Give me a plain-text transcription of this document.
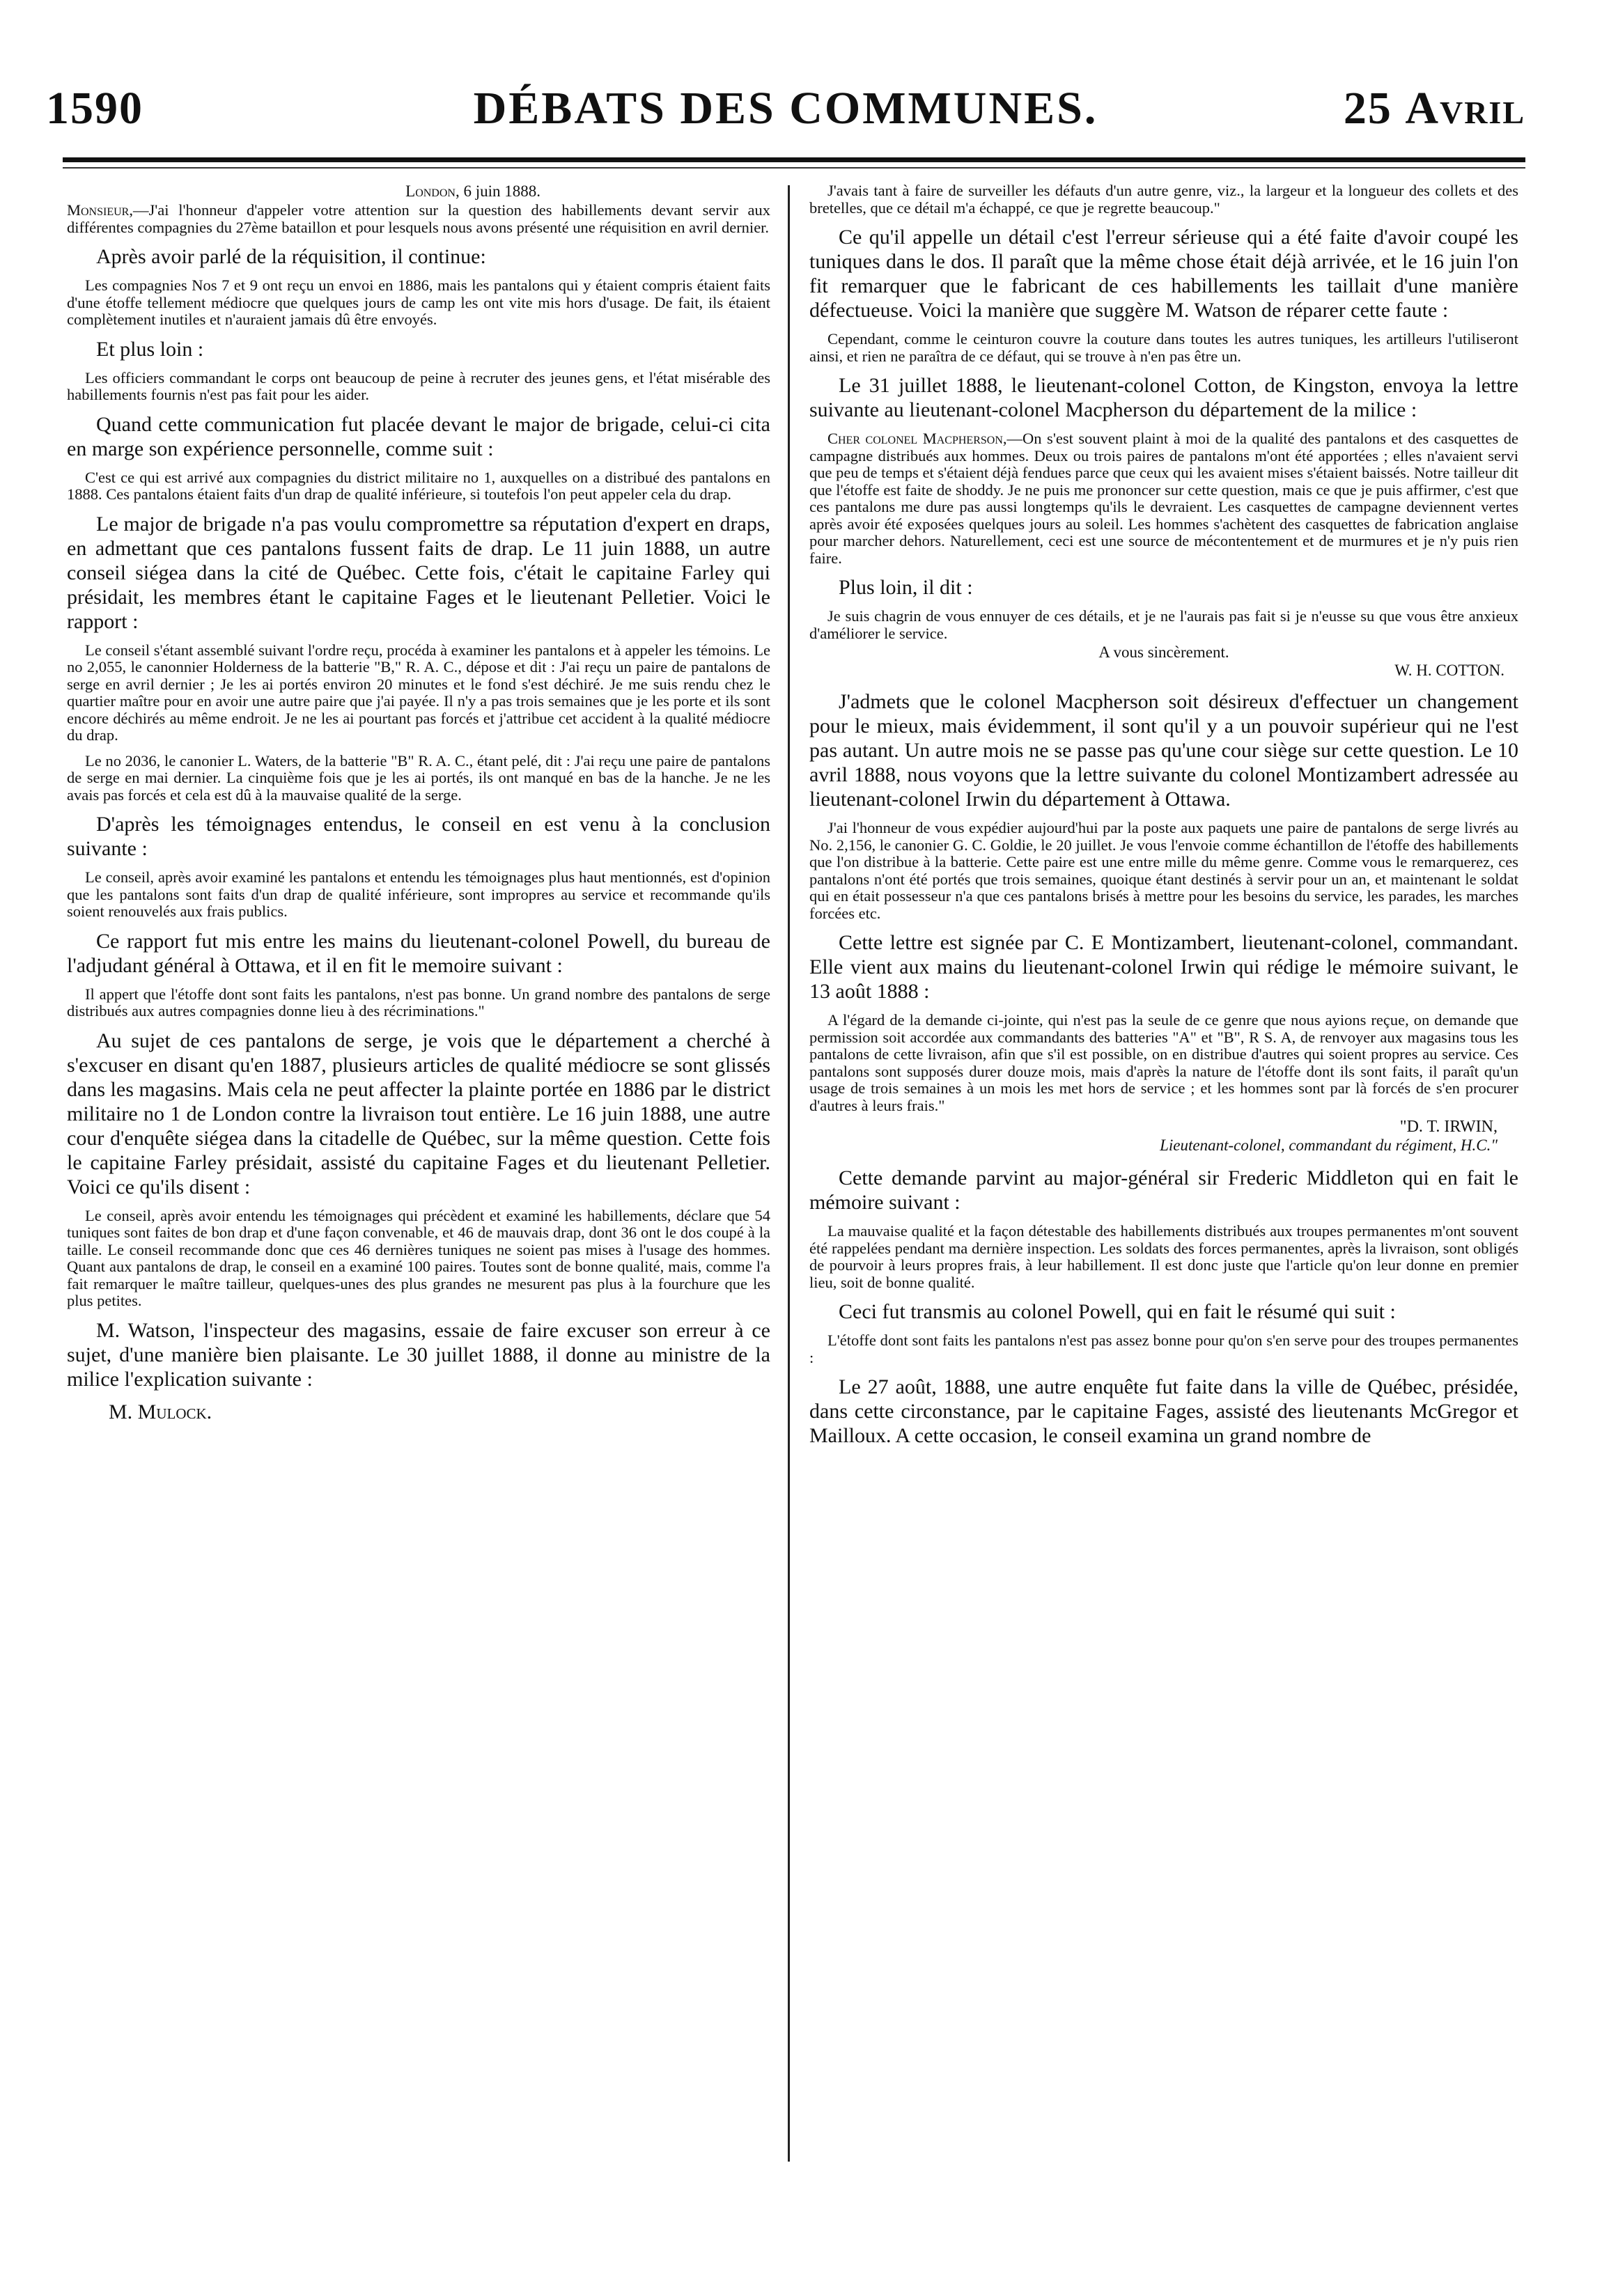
1590	DÉBATS DES COMMUNES.	25 Avril

London, 6 juin 1888.

Monsieur,—J'ai l'honneur d'appeler votre attention sur la question des habillements devant servir aux différentes compagnies du 27ème bataillon et pour lesquels nous avons présenté une réquisition en avril dernier.

Après avoir parlé de la réquisition, il continue:

Les compagnies Nos 7 et 9 ont reçu un envoi en 1886, mais les pantalons qui y étaient compris étaient faits d'une étoffe tellement médiocre que quelques jours de camp les ont vite mis hors d'usage. De fait, ils étaient complètement inutiles et n'auraient jamais dû être envoyés.

Et plus loin :

Les officiers commandant le corps ont beaucoup de peine à recruter des jeunes gens, et l'état misérable des habillements fournis n'est pas fait pour les aider.

Quand cette communication fut placée devant le major de brigade, celui-ci cita en marge son expérience personnelle, comme suit :

C'est ce qui est arrivé aux compagnies du district militaire no 1, auxquelles on a distribué des pantalons en 1888. Ces pantalons étaient faits d'un drap de qualité inférieure, si toutefois l'on peut appeler cela du drap.

Le major de brigade n'a pas voulu compromettre sa réputation d'expert en draps, en admettant que ces pantalons fussent faits de drap. Le 11 juin 1888, un autre conseil siégea dans la cité de Québec. Cette fois, c'était le capitaine Farley qui présidait, les membres étant le capitaine Fages et le lieutenant Pelletier. Voici le rapport :

Le conseil s'étant assemblé suivant l'ordre reçu, procéda à examiner les pantalons et à appeler les témoins. Le no 2,055, le canonnier Holderness de la batterie "B," R. A. C., dépose et dit : J'ai reçu un paire de pantalons de serge en avril dernier ; Je les ai portés environ 20 minutes et le fond s'est déchiré. Je me suis rendu chez le quartier maître pour en avoir une autre paire que j'ai payée. Il n'y a pas trois semaines que je les porte et ils sont encore déchirés au même endroit. Je ne les ai pourtant pas forcés et j'attribue cet accident à la qualité médiocre du drap.

Le no 2036, le canonier L. Waters, de la batterie "B" R. A. C., étant pelé, dit : J'ai reçu une paire de pantalons de serge en mai dernier. La cinquième fois que je les ai portés, ils ont manqué en bas de la hanche. Je ne les avais pas forcés et cela est dû à la mauvaise qualité de la serge.

D'après les témoignages entendus, le conseil en est venu à la conclusion suivante :

Le conseil, après avoir examiné les pantalons et entendu les témoignages plus haut mentionnés, est d'opinion que les pantalons sont faits d'un drap de qualité inférieure, sont impropres au service et recommande qu'ils soient renouvelés aux frais publics.

Ce rapport fut mis entre les mains du lieutenant-colonel Powell, du bureau de l'adjudant général à Ottawa, et il en fit le memoire suivant :

Il appert que l'étoffe dont sont faits les pantalons, n'est pas bonne. Un grand nombre des pantalons de serge distribués aux autres compagnies donne lieu à des récriminations."

Au sujet de ces pantalons de serge, je vois que le département a cherché à s'excuser en disant qu'en 1887, plusieurs articles de qualité médiocre se sont glissés dans les magasins. Mais cela ne peut affecter la plainte portée en 1886 par le district militaire no 1 de London contre la livraison tout entière. Le 16 juin 1888, une autre cour d'enquête siégea dans la citadelle de Québec, sur la même question. Cette fois le capitaine Farley présidait, assisté du capitaine Fages et du lieutenant Pelletier. Voici ce qu'ils disent :

Le conseil, après avoir entendu les témoignages qui précèdent et examiné les habillements, déclare que 54 tuniques sont faites de bon drap et d'une façon convenable, et 46 de mauvais drap, dont 36 ont le dos coupé à la taille. Le conseil recommande donc que ces 46 dernières tuniques ne soient pas mises à l'usage des hommes. Quant aux pantalons de drap, le conseil en a examiné 100 paires. Toutes sont de bonne qualité, mais, comme l'a fait remarquer le maître tailleur, quelques-unes des plus grandes ne mesurent pas plus à la fourchure que les plus petites.

M. Watson, l'inspecteur des magasins, essaie de faire excuser son erreur à ce sujet, d'une manière bien plaisante. Le 30 juillet 1888, il donne au ministre de la milice l'explication suivante :

M. Mulock.

J'avais tant à faire de surveiller les défauts d'un autre genre, viz., la largeur et la longueur des collets et des bretelles, que ce détail m'a échappé, ce que je regrette beaucoup."

Ce qu'il appelle un détail c'est l'erreur sérieuse qui a été faite d'avoir coupé les tuniques dans le dos. Il paraît que la même chose était déjà arrivée, et le 16 juin l'on fit remarquer que le fabricant de ces habillements les taillait d'une manière défectueuse. Voici la manière que suggère M. Watson de réparer cette faute :

Cependant, comme le ceinturon couvre la couture dans toutes les autres tuniques, les artilleurs l'utiliseront ainsi, et rien ne paraîtra de ce défaut, qui se trouve à n'en pas être un.

Le 31 juillet 1888, le lieutenant-colonel Cotton, de Kingston, envoya la lettre suivante au lieutenant-colonel Macpherson du département de la milice :

Cher colonel Macpherson,—On s'est souvent plaint à moi de la qualité des pantalons et des casquettes de campagne distribués aux hommes. Deux ou trois paires de pantalons m'ont été apportées ; elles n'avaient servi que peu de temps et s'étaient déjà fendues parce que ceux qui les avaient mises s'étaient baissés. Notre tailleur dit que l'étoffe est faite de shoddy. Je ne puis me prononcer sur cette question, mais ce que je puis affirmer, c'est que ces pantalons me dure pas aussi longtemps qu'ils le devraient. Les casquettes de campagne deviennent vertes après avoir été exposées quelques jours au soleil. Les hommes s'achètent des casquettes de fabrication anglaise pour marcher dehors. Naturellement, ceci est une source de mécontentement et de murmures et je n'y puis rien faire.

Plus loin, il dit :

Je suis chagrin de vous ennuyer de ces détails, et je ne l'aurais pas fait si je n'eusse su que vous être anxieux d'améliorer le service.

A vous sincèrement.

W. H. COTTON.

J'admets que le colonel Macpherson soit désireux d'effectuer un changement pour le mieux, mais évidemment, il sont qu'il y a un pouvoir supérieur qui ne l'est pas autant. Un autre mois ne se passe pas qu'une cour siège sur cette question. Le 10 avril 1888, nous voyons que la lettre suivante du colonel Montizambert adressée au lieutenant-colonel Irwin du département à Ottawa.

J'ai l'honneur de vous expédier aujourd'hui par la poste aux paquets une paire de pantalons de serge livrés au No. 2,156, le canonier G. C. Goldie, le 20 juillet. Je vous l'envoie comme échantillon de l'étoffe des habillements que l'on distribue à la batterie. Cette paire est une entre mille du même genre. Comme vous le remarquerez, ces pantalons n'ont été portés que trois semaines, quoique étant destinés à servir pour un an, et maintenant le soldat qui en était possesseur n'a que ces pantalons brisés à mettre pour les besoins du service, les parades, les marches forcées etc.

Cette lettre est signée par C. E Montizambert, lieutenant-colonel, commandant. Elle vient aux mains du lieutenant-colonel Irwin qui rédige le mémoire suivant, le 13 août 1888 :

A l'égard de la demande ci-jointe, qui n'est pas la seule de ce genre que nous ayions reçue, on demande que permission soit accordée aux commandants des batteries "A" et "B", R S. A, de renvoyer aux magasins tous les pantalons de cette livraison, afin que s'il est possible, on en distribue d'autres qui soient propres au service. Ces pantalons sont supposés durer douze mois, mais d'après la nature de l'étoffe dont ils sont faits, il paraît qu'un usage de trois semaines à un mois les met hors de service ; et les hommes sont par là forcés de s'en procurer d'autres à leurs frais."

"D. T. IRWIN,

Lieutenant-colonel, commandant du régiment, H.C."

Cette demande parvint au major-général sir Frederic Middleton qui en fait le mémoire suivant :

La mauvaise qualité et la façon détestable des habillements distribués aux troupes permanentes m'ont souvent été rappelées pendant ma dernière inspection. Les soldats des forces permanentes, après la livraison, sont obligés de pourvoir à leurs propres frais, à leur habillement. Il est donc juste que l'article qu'on leur donne en premier lieu, soit de bonne qualité.

Ceci fut transmis au colonel Powell, qui en fait le résumé qui suit :

L'étoffe dont sont faits les pantalons n'est pas assez bonne pour qu'on s'en serve pour des troupes permanentes :

Le 27 août, 1888, une autre enquête fut faite dans la ville de Québec, présidée, dans cette circonstance, par le capitaine Fages, assisté des lieutenants McGregor et Mailloux. A cette occasion, le conseil examina un grand nombre de
